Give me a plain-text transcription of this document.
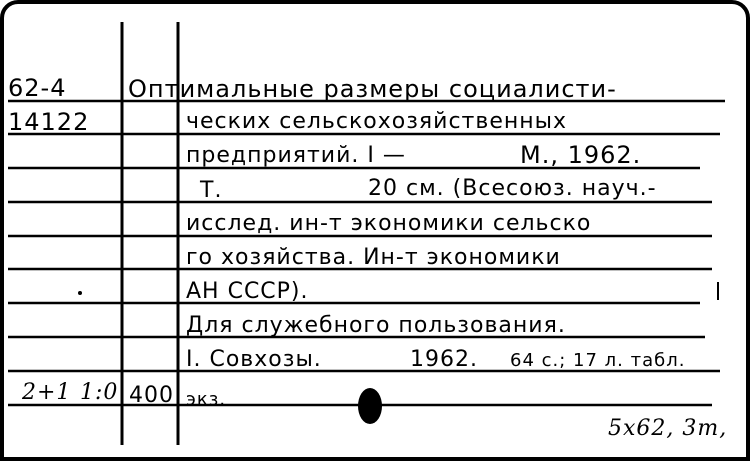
62-4
14122
2+1 1:0 400
Оптимальные размеры социалисти-
ческих сельскохозяйственных
предприятий. I —	М., 1962.
Т.	20 см. (Всесоюз. науч.-
исслед. ин-т экономики сельско
го хозяйства. Ин-т экономики
АН СССР).
Для служебного пользования.
I. Совхозы.	1962. 64 с.; 17 л. табл.
экз.
5х62, 3т,
